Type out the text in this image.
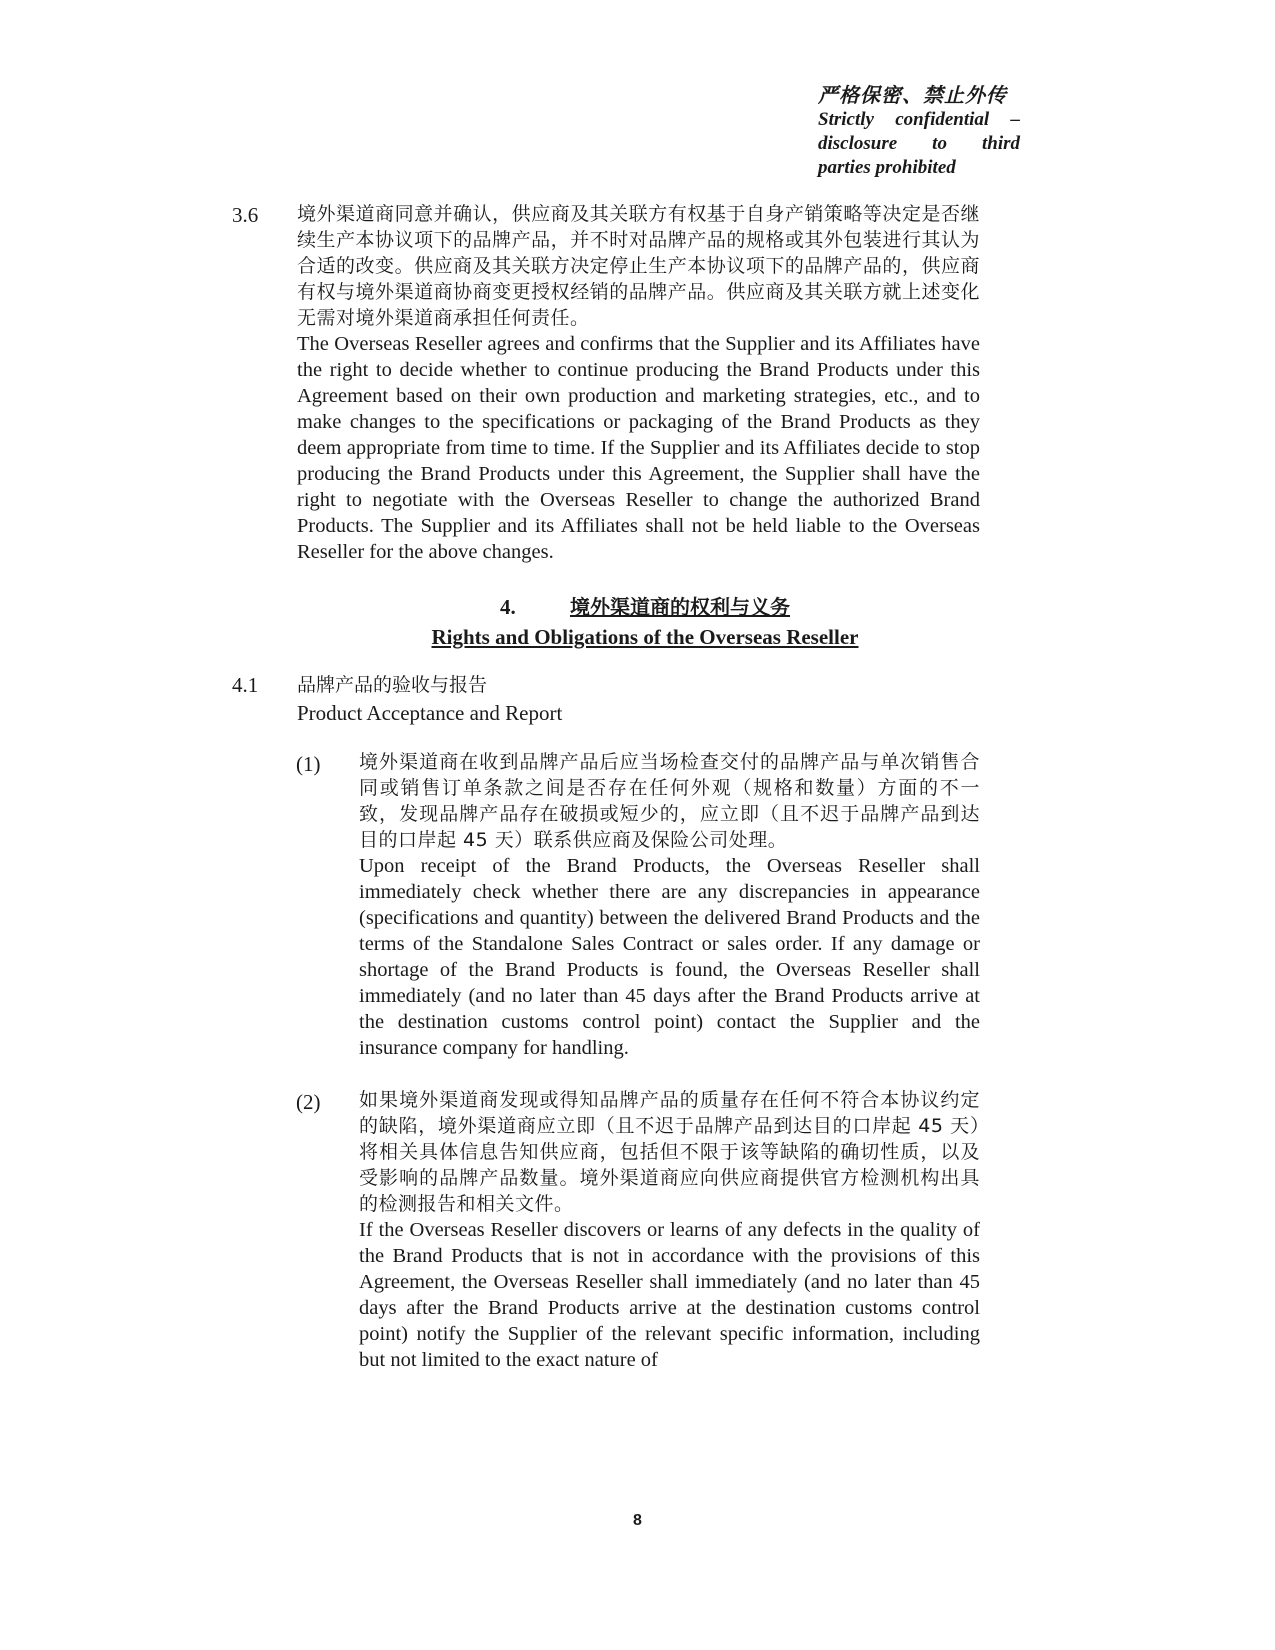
严格保密、禁止外传
Strictly confidential –
disclosure to third
parties prohibited
3.6 境外渠道商同意并确认，供应商及其关联方有权基于自身产销策略等决定是否继续生产本协议项下的品牌产品，并不时对品牌产品的规格或其外包装进行其认为合适的改变。供应商及其关联方决定停止生产本协议项下的品牌产品的，供应商有权与境外渠道商协商变更授权经销的品牌产品。供应商及其关联方就上述变化无需对境外渠道商承担任何责任。

The Overseas Reseller agrees and confirms that the Supplier and its Affiliates have the right to decide whether to continue producing the Brand Products under this Agreement based on their own production and marketing strategies, etc., and to make changes to the specifications or packaging of the Brand Products as they deem appropriate from time to time. If the Supplier and its Affiliates decide to stop producing the Brand Products under this Agreement, the Supplier shall have the right to negotiate with the Overseas Reseller to change the authorized Brand Products. The Supplier and its Affiliates shall not be held liable to the Overseas Reseller for the above changes.

4.	境外渠道商的权利与义务
Rights and Obligations of the Overseas Reseller
4.1 品牌产品的验收与报告

Product Acceptance and Report

(1) 境外渠道商在收到品牌产品后应当场检查交付的品牌产品与单次销售合同或销售订单条款之间是否存在任何外观（规格和数量）方面的不一致，发现品牌产品存在破损或短少的，应立即（且不迟于品牌产品到达目的口岸起 45 天）联系供应商及保险公司处理。

Upon receipt of the Brand Products, the Overseas Reseller shall immediately check whether there are any discrepancies in appearance (specifications and quantity) between the delivered Brand Products and the terms of the Standalone Sales Contract or sales order. If any damage or shortage of the Brand Products is found, the Overseas Reseller shall immediately (and no later than 45 days after the Brand Products arrive at the destination customs control point) contact the Supplier and the insurance company for handling.

(2) 如果境外渠道商发现或得知品牌产品的质量存在任何不符合本协议约定的缺陷，境外渠道商应立即（且不迟于品牌产品到达目的口岸起 45 天）将相关具体信息告知供应商，包括但不限于该等缺陷的确切性质，以及受影响的品牌产品数量。境外渠道商应向供应商提供官方检测机构出具的检测报告和相关文件。

If the Overseas Reseller discovers or learns of any defects in the quality of the Brand Products that is not in accordance with the provisions of this Agreement, the Overseas Reseller shall immediately (and no later than 45 days after the Brand Products arrive at the destination customs control point) notify the Supplier of the relevant specific information, including but not limited to the exact nature of

8
